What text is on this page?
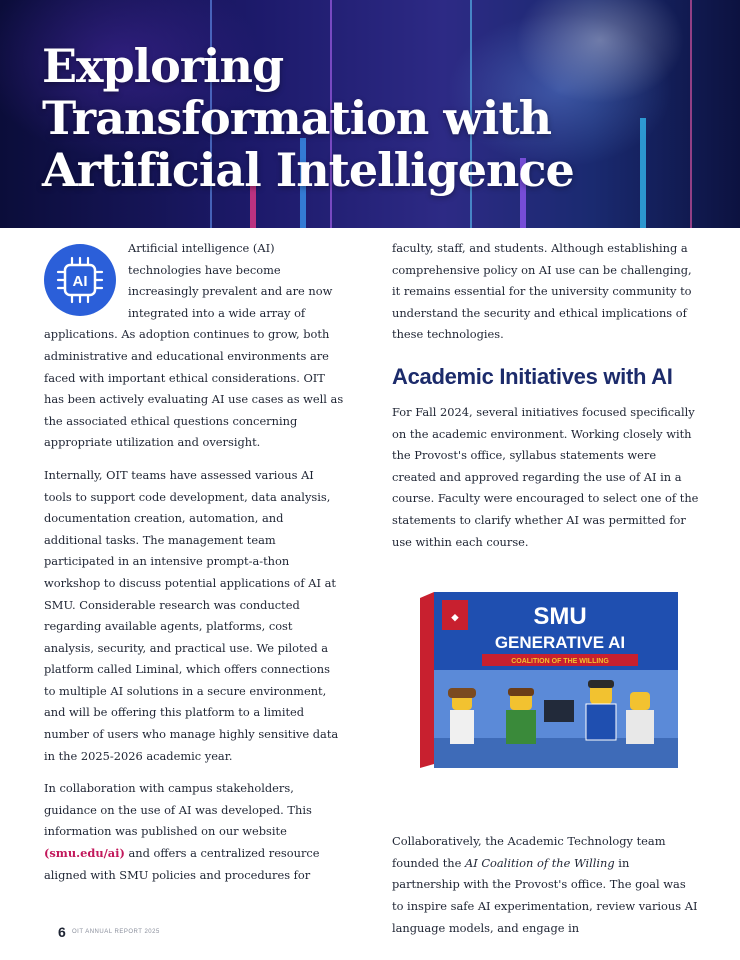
Exploring
Transformation with
Artificial Intelligence
AI

Artificial intelligence (AI) technologies have become increasingly prevalent and are now integrated into a wide array of applications. As adoption continues to grow, both administrative and educational environments are faced with important ethical considerations. OIT has been actively evaluating AI use cases as well as the associated ethical questions concerning appropriate utilization and oversight.

Internally, OIT teams have assessed various AI tools to support code development, data analysis, documentation creation, automation, and additional tasks. The management team participated in an intensive prompt-a-thon workshop to discuss potential applications of AI at SMU. Considerable research was conducted regarding available agents, platforms, cost analysis, security, and practical use. We piloted a platform called Liminal, which offers connections to multiple AI solutions in a secure environment, and will be offering this platform to a limited number of users who manage highly sensitive data in the 2025-2026 academic year.

In collaboration with campus stakeholders, guidance on the use of AI was developed. This information was published on our website (smu.edu/ai) and offers a centralized resource aligned with SMU policies and procedures for

faculty, staff, and students. Although establishing a comprehensive policy on AI use can be challenging, it remains essential for the university community to understand the security and ethical implications of these technologies.

Academic Initiatives with AI

For Fall 2024, several initiatives focused specifically on the academic environment. Working closely with the Provost's office, syllabus statements were created and approved regarding the use of AI in a course. Faculty were encouraged to select one of the statements to clarify whether AI was permitted for use within each course.

Collaboratively, the Academic Technology team founded the AI Coalition of the Willing in partnership with the Provost's office. The goal was to inspire safe AI experimentation, review various AI language models, and engage in

◆	SMU
GENERATIVE AI
COALITION OF THE WILLING
6 OIT ANNUAL REPORT 2025
